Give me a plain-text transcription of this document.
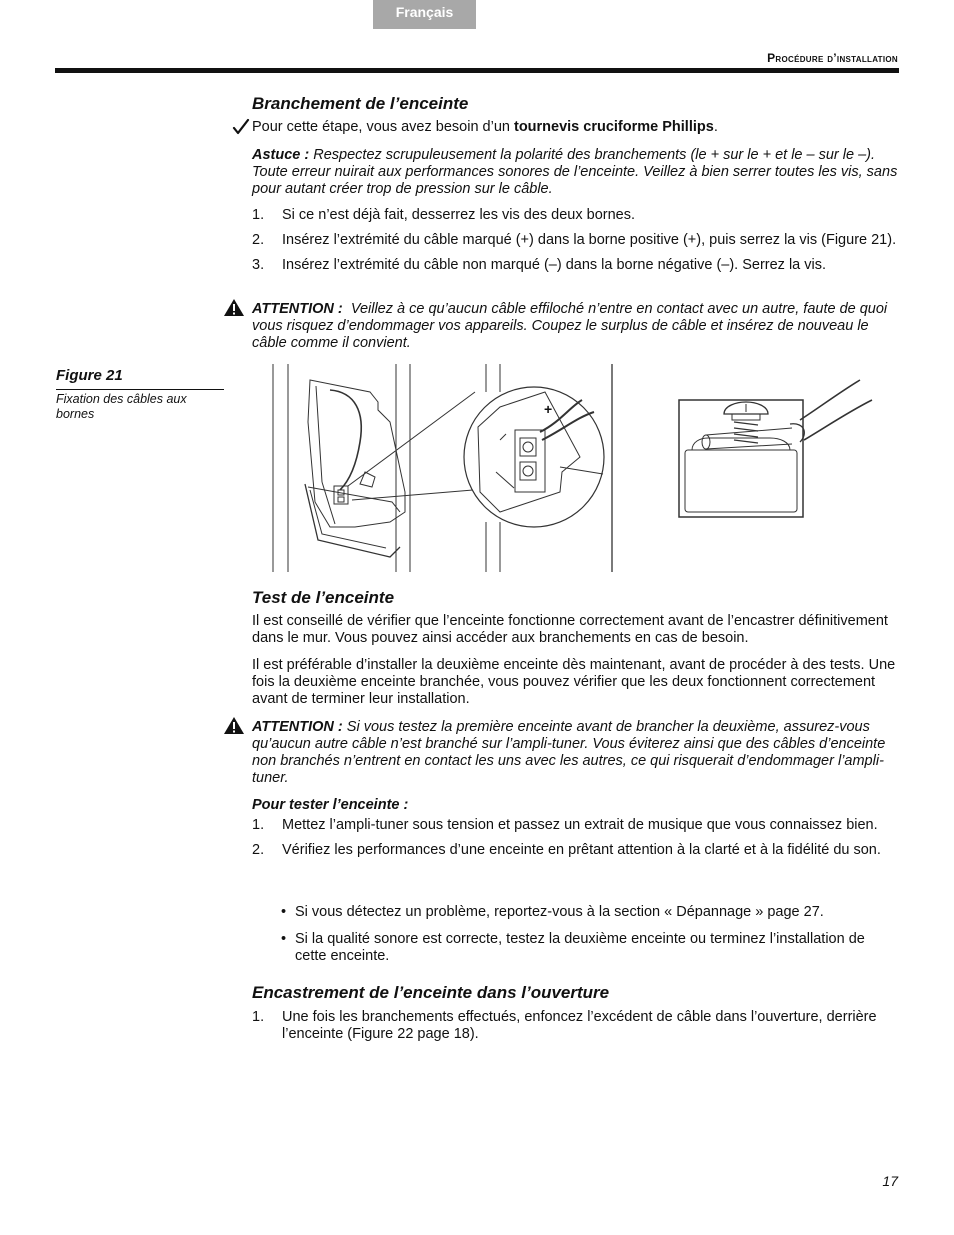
Français
Procédure d’installation
Branchement de l’enceinte

Pour cette étape, vous avez besoin d’un tournevis cruciforme Phillips.

Astuce : Respectez scrupuleusement la polarité des branchements (le + sur le + et le – sur le –). Toute erreur nuirait aux performances sonores de l’enceinte. Veillez à bien serrer toutes les vis, sans pour autant créer trop de pression sur le câble.

1. Si ce n’est déjà fait, desserrez les vis des deux bornes.
2. Insérez l’extrémité du câble marqué (+) dans la borne positive (+), puis serrez la vis (Figure 21).
3. Insérez l’extrémité du câble non marqué (–) dans la borne négative (–). Serrez la vis.

ATTENTION : Veillez à ce qu’aucun câble effiloché n’entre en contact avec un autre, faute de quoi vous risquez d’endommager vos appareils. Coupez le surplus de câble et insérez de nouveau le câble comme il convient.

Figure 21
Fixation des câbles aux bornes	+
Test de l’enceinte

Il est conseillé de vérifier que l’enceinte fonctionne correctement avant de l’encastrer définitivement dans le mur. Vous pouvez ainsi accéder aux branchements en cas de besoin.

Il est préférable d’installer la deuxième enceinte dès maintenant, avant de procéder à des tests. Une fois la deuxième enceinte branchée, vous pouvez vérifier que les deux fonctionnent correctement avant de terminer leur installation.

ATTENTION : Si vous testez la première enceinte avant de brancher la deuxième, assurez-vous qu’aucun autre câble n’est branché sur l’ampli-tuner. Vous éviterez ainsi que des câbles d’enceinte non branchés n’entrent en contact les uns avec les autres, ce qui risquerait d’endommager l’ampli-tuner.

Pour tester l’enceinte :

1. Mettez l’ampli-tuner sous tension et passez un extrait de musique que vous connaissez bien.
2. Vérifiez les performances d’une enceinte en prêtant attention à la clarté et à la fidélité du son.
• Si vous détectez un problème, reportez-vous à la section « Dépannage » page 27.
• Si la qualité sonore est correcte, testez la deuxième enceinte ou terminez l’installation de cette enceinte.
Encastrement de l’enceinte dans l’ouverture
1. Une fois les branchements effectués, enfoncez l’excédent de câble dans l’ouverture, derrière l’enceinte (Figure 22 page 18).
17
